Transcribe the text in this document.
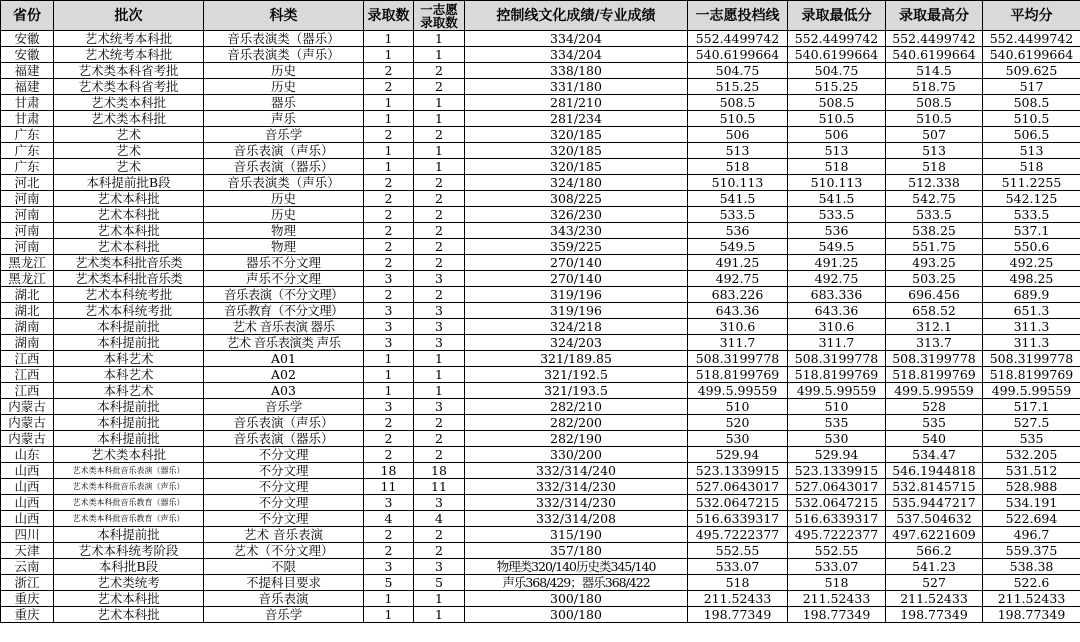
省份	批次	科类	录取数	一志愿录取数	控制线文化成绩/专业成绩	一志愿投档线	录取最低分	录取最高分	平均分
安徽	艺术统考本科批	音乐表演类（器乐）	1	1	334/204	552.4499742	552.4499742	552.4499742	552.4499742
安徽	艺术统考本科批	音乐表演类（声乐）	1	1	334/204	540.6199664	540.6199664	540.6199664	540.6199664
福建	艺术类本科省考批	历史	2	2	338/180	504.75	504.75	514.5	509.625
福建	艺术类本科省考批	历史	2	2	331/180	515.25	515.25	518.75	517
甘肃	艺术类本科批	器乐	1	1	281/210	508.5	508.5	508.5	508.5
甘肃	艺术类本科批	声乐	1	1	281/234	510.5	510.5	510.5	510.5
广东	艺术	音乐学	2	2	320/185	506	506	507	506.5
广东	艺术	音乐表演（声乐）	1	1	320/185	513	513	513	513
广东	艺术	音乐表演（器乐）	1	1	320/185	518	518	518	518
河北	本科提前批B段	音乐表演类（声乐）	2	2	324/180	510.113	510.113	512.338	511.2255
河南	艺术本科批	历史	2	2	308/225	541.5	541.5	542.75	542.125
河南	艺术本科批	历史	2	2	326/230	533.5	533.5	533.5	533.5
河南	艺术本科批	物理	2	2	343/230	536	536	538.25	537.1
河南	艺术本科批	物理	2	2	359/225	549.5	549.5	551.75	550.6
黑龙江	艺术类本科批音乐类	器乐不分文理	2	2	270/140	491.25	491.25	493.25	492.25
黑龙江	艺术类本科批音乐类	声乐不分文理	3	3	270/140	492.75	492.75	503.25	498.25
湖北	艺术本科统考批	音乐表演（不分文理）	2	2	319/196	683.226	683.336	696.456	689.9
湖北	艺术本科统考批	音乐教育（不分文理）	3	3	319/196	643.36	643.36	658.52	651.3
湖南	本科提前批	艺术 音乐表演 器乐	3	3	324/218	310.6	310.6	312.1	311.3
湖南	本科提前批	艺术 音乐表演类 声乐	3	3	324/203	311.7	311.7	313.7	311.3
江西	本科艺术	A01	1	1	321/189.85	508.3199778	508.3199778	508.3199778	508.3199778
江西	本科艺术	A02	1	1	321/192.5	518.8199769	518.8199769	518.8199769	518.8199769
江西	本科艺术	A03	1	1	321/193.5	499.5.99559	499.5.99559	499.5.99559	499.5.99559
内蒙古	本科提前批	音乐学	3	3	282/210	510	510	528	517.1
内蒙古	本科提前批	音乐表演（声乐）	2	2	282/200	520	535	535	527.5
内蒙古	本科提前批	音乐表演（器乐）	2	2	282/190	530	530	540	535
山东	艺术类本科批	不分文理	2	2	330/200	529.94	529.94	534.47	532.205
山西	艺术类本科批音乐表演（器乐）	不分文理	18	18	332/314/240	523.1339915	523.1339915	546.1944818	531.512
山西	艺术类本科批音乐表演（声乐）	不分文理	11	11	332/314/230	527.0643017	527.0643017	532.8145715	528.988
山西	艺术类本科批音乐教育（器乐）	不分文理	3	3	332/314/230	532.0647215	532.0647215	535.9447217	534.191
山西	艺术类本科批音乐教育（声乐）	不分文理	4	4	332/314/208	516.6339317	516.6339317	537.504632	522.694
四川	本科提前批	艺术 音乐表演	2	2	315/190	495.7222377	495.7222377	497.6221609	496.7
天津	艺术本科统考阶段	艺术（不分文理）	2	2	357/180	552.55	552.55	566.2	559.375
云南	本科批B段	不限	3	3	物理类320/140历史类345/140	533.07	533.07	541.23	538.38
浙江	艺术类统考	不提科目要求	5	5	声乐368/429；器乐368/422	518	518	527	522.6
重庆	艺术本科批	音乐表演	1	1	300/180	211.52433	211.52433	211.52433	211.52433
重庆	艺术本科批	音乐学	1	1	300/180	198.77349	198.77349	198.77349	198.77349
